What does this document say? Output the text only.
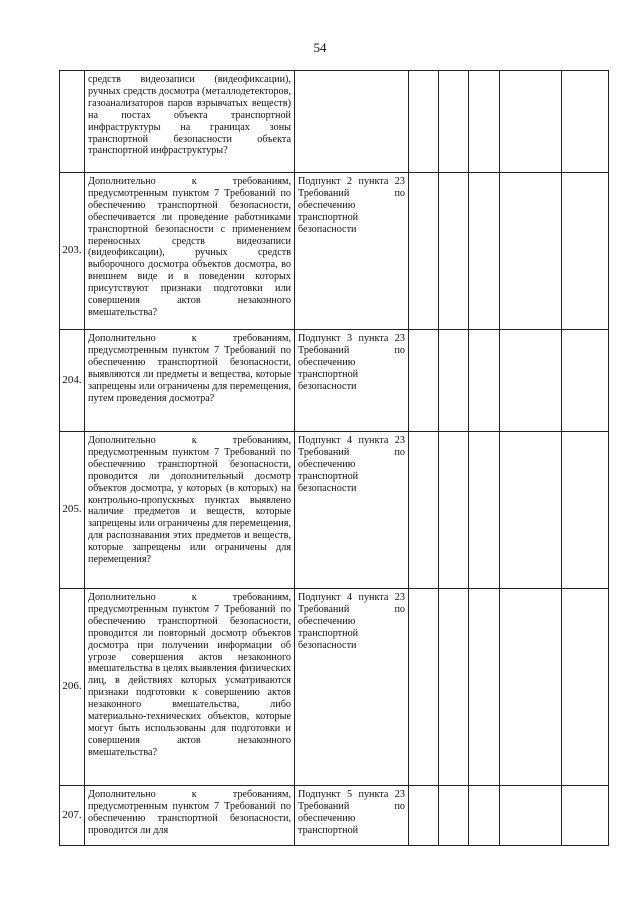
54
	средств видеозаписи (видеофиксации), ручных средств досмотра (металлодетекторов, газоанализаторов паров взрывчатых веществ) на постах объекта транспортной инфраструктуры на границах зоны транспортной безопасности объекта транспортной инфраструктуры?						
203.	Дополнительно к требованиям, предусмотренным пунктом 7 Требований по обеспечению транспортной безопасности, обеспечивается ли проведение работниками транспортной безопасности с применением переносных средств видеозаписи (видеофиксации), ручных средств выборочного досмотра объектов досмотра, во внешнем виде и в поведении которых присутствуют признаки подготовки или совершения актов незаконного вмешательства?	Подпункт 2 пункта 23 Требований по обеспечению транспортной безопасности					
204.	Дополнительно к требованиям, предусмотренным пунктом 7 Требований по обеспечению транспортной безопасности, выявляются ли предметы и вещества, которые запрещены или ограничены для перемещения, путем проведения досмотра?	Подпункт 3 пункта 23 Требований по обеспечению транспортной безопасности					
205.	Дополнительно к требованиям, предусмотренным пунктом 7 Требований по обеспечению транспортной безопасности, проводится ли дополнительный досмотр объектов досмотра, у которых (в которых) на контрольно-пропускных пунктах выявлено наличие предметов и веществ, которые запрещены или ограничены для перемещения, для распознавания этих предметов и веществ, которые запрещены или ограничены для перемещения?	Подпункт 4 пункта 23 Требований по обеспечению транспортной безопасности					
206.	Дополнительно к требованиям, предусмотренным пунктом 7 Требований по обеспечению транспортной безопасности, проводится ли повторный досмотр объектов досмотра при получении информации об угрозе совершения актов незаконного вмешательства в целях выявления физических лиц, в действиях которых усматриваются признаки подготовки к совершению актов незаконного вмешательства, либо материально-технических объектов, которые могут быть использованы для подготовки и совершения актов незаконного вмешательства?	Подпункт 4 пункта 23 Требований по обеспечению транспортной безопасности					
207.	Дополнительно к требованиям, предусмотренным пунктом 7 Требований по обеспечению транспортной безопасности, проводится ли для	Подпункт 5 пункта 23 Требований по обеспечению транспортной					
